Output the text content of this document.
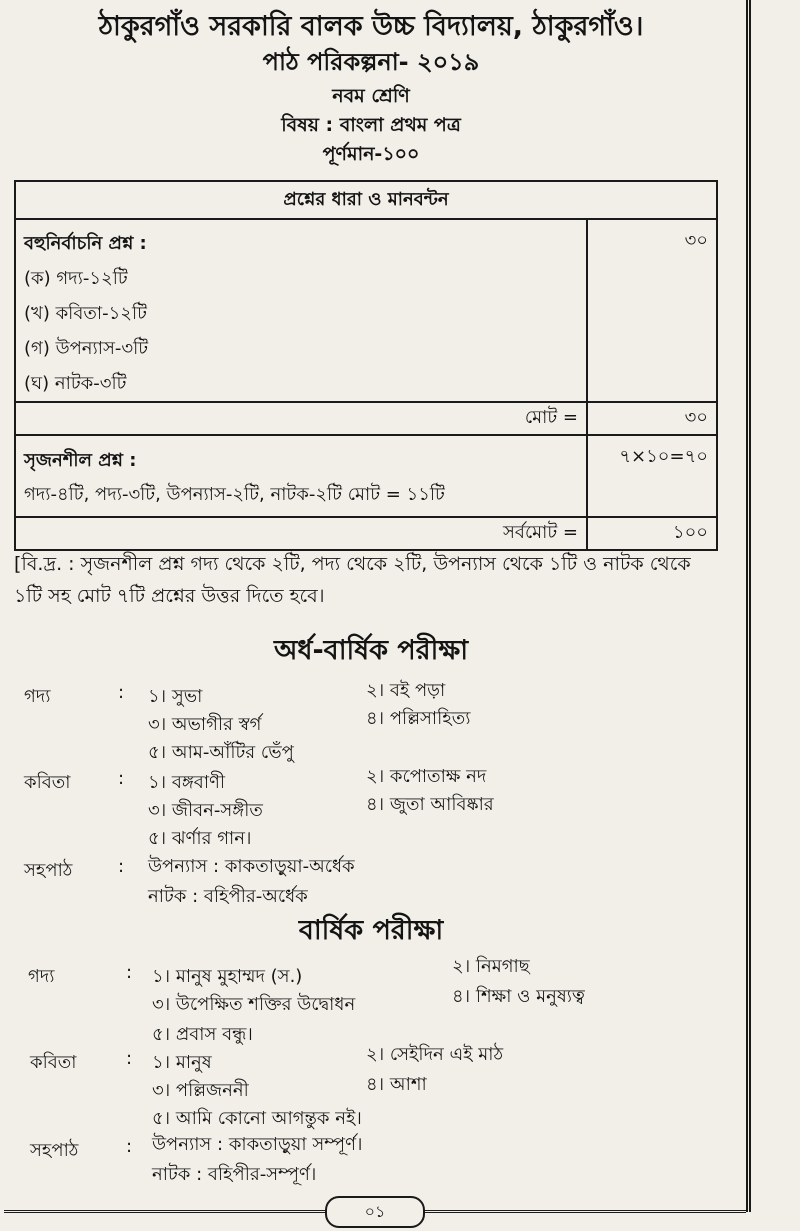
ঠাকুরগাঁও সরকারি বালক উচ্চ বিদ্যালয়, ঠাকুরগাঁও।
পাঠ পরিকল্পনা- ২০১৯
নবম শ্রেণি
বিষয় : বাংলা প্রথম পত্র
পূর্ণমান-১০০
প্রশ্নের ধারা ও মানবন্টন	

বহুনির্বাচনি প্রশ্ন :
(ক) গদ্য-১২টি
(খ) কবিতা-১২টি
(গ) উপন্যাস-৩টি
(ঘ) নাটক-৩টি	৩০
মোট =	৩০

সৃজনশীল প্রশ্ন :
গদ্য-৪টি, পদ্য-৩টি, উপন্যাস-২টি, নাটক-২টি মোট = ১১টি	৭×১০=৭০
সর্বমোট =	১০০
[বি.দ্র. : সৃজনশীল প্রশ্ন গদ্য থেকে ২টি, পদ্য থেকে ২টি, উপন্যাস থেকে ১টি ও নাটক থেকে ১টি সহ মোট ৭টি প্রশ্নের উত্তর দিতে হবে।
অর্ধ-বার্ষিক পরীক্ষা
গদ্য	: ১। সুভা	২। বই পড়া
৩। অভাগীর স্বর্গ	৪। পল্লিসাহিত্য
৫। আম-আঁটির ভেঁপু
কবিতা	: ১। বঙ্গবাণী	২। কপোতাক্ষ নদ
৩। জীবন-সঙ্গীত	৪। জুতা আবিষ্কার
৫। ঝর্ণার গান।
সহপাঠ	: উপন্যাস : কাকতাড়ুয়া-অর্ধেক
নাটক : বহিপীর-অর্ধেক
বার্ষিক পরীক্ষা
গদ্য	: ১। মানুষ মুহাম্মদ (স.)	২। নিমগাছ
৩। উপেক্ষিত শক্তির উদ্বোধন	৪। শিক্ষা ও মনুষ্যত্ব
৫। প্রবাস বন্ধু।
কবিতা	: ১। মানুষ	২। সেইদিন এই মাঠ
৩। পল্লিজননী	৪। আশা
৫। আমি কোনো আগন্তুক নই।
সহপাঠ	: উপন্যাস : কাকতাড়ুয়া সম্পূর্ণ।
নাটক : বহিপীর-সম্পূর্ণ।
০১
